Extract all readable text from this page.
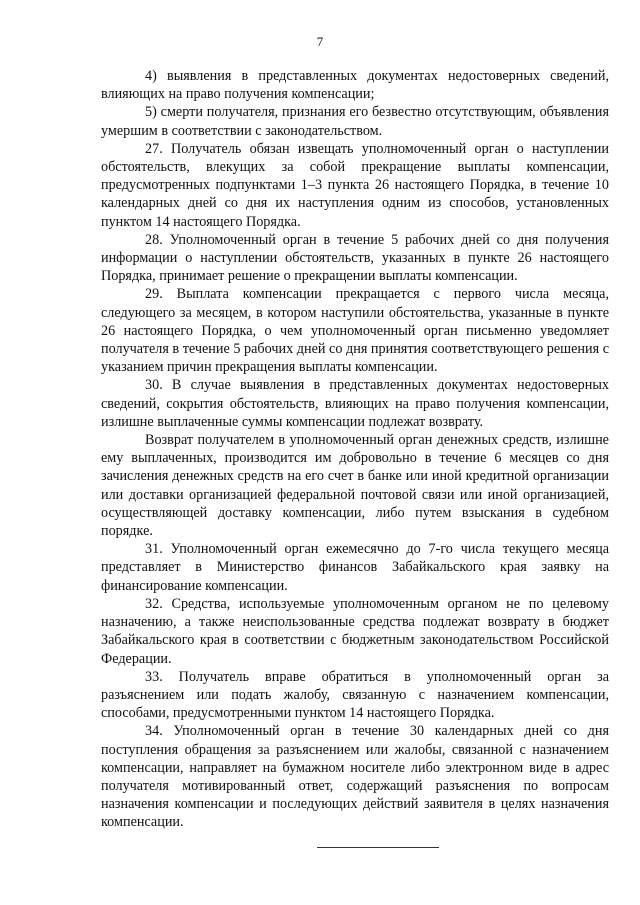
7

4) выявления в представленных документах недостоверных сведений, влияющих на право получения компенсации;

5) смерти получателя, признания его безвестно отсутствующим, объявления умершим в соответствии с законодательством.

27. Получатель обязан извещать уполномоченный орган о наступлении обстоятельств, влекущих за собой прекращение выплаты компенсации, предусмотренных подпунктами 1–3 пункта 26 настоящего Порядка, в течение 10 календарных дней со дня их наступления одним из способов, установленных пунктом 14 настоящего Порядка.

28. Уполномоченный орган в течение 5 рабочих дней со дня получения информации о наступлении обстоятельств, указанных в пункте 26 настоящего Порядка, принимает решение о прекращении выплаты компенсации.

29. Выплата компенсации прекращается с первого числа месяца, следующего за месяцем, в котором наступили обстоятельства, указанные в пункте 26 настоящего Порядка, о чем уполномоченный орган письменно уведомляет получателя в течение 5 рабочих дней со дня принятия соответствующего решения с указанием причин прекращения выплаты компенсации.

30. В случае выявления в представленных документах недостоверных сведений, сокрытия обстоятельств, влияющих на право получения компенсации, излишне выплаченные суммы компенсации подлежат возврату.

Возврат получателем в уполномоченный орган денежных средств, излишне ему выплаченных, производится им добровольно в течение 6 месяцев со дня зачисления денежных средств на его счет в банке или иной кредитной организации или доставки организацией федеральной почтовой связи или иной организацией, осуществляющей доставку компенсации, либо путем взыскания в судебном порядке.

31. Уполномоченный орган ежемесячно до 7-го числа текущего месяца представляет в Министерство финансов Забайкальского края заявку на финансирование компенсации.

32. Средства, используемые уполномоченным органом не по целевому назначению, а также неиспользованные средства подлежат возврату в бюджет Забайкальского края в соответствии с бюджетным законодательством Российской Федерации.

33. Получатель вправе обратиться в уполномоченный орган за разъяснением или подать жалобу, связанную с назначением компенсации, способами, предусмотренными пунктом 14 настоящего Порядка.

34. Уполномоченный орган в течение 30 календарных дней со дня поступления обращения за разъяснением или жалобы, связанной с назначением компенсации, направляет на бумажном носителе либо электронном виде в адрес получателя мотивированный ответ, содержащий разъяснения по вопросам назначения компенсации и последующих действий заявителя в целях назначения компенсации.
